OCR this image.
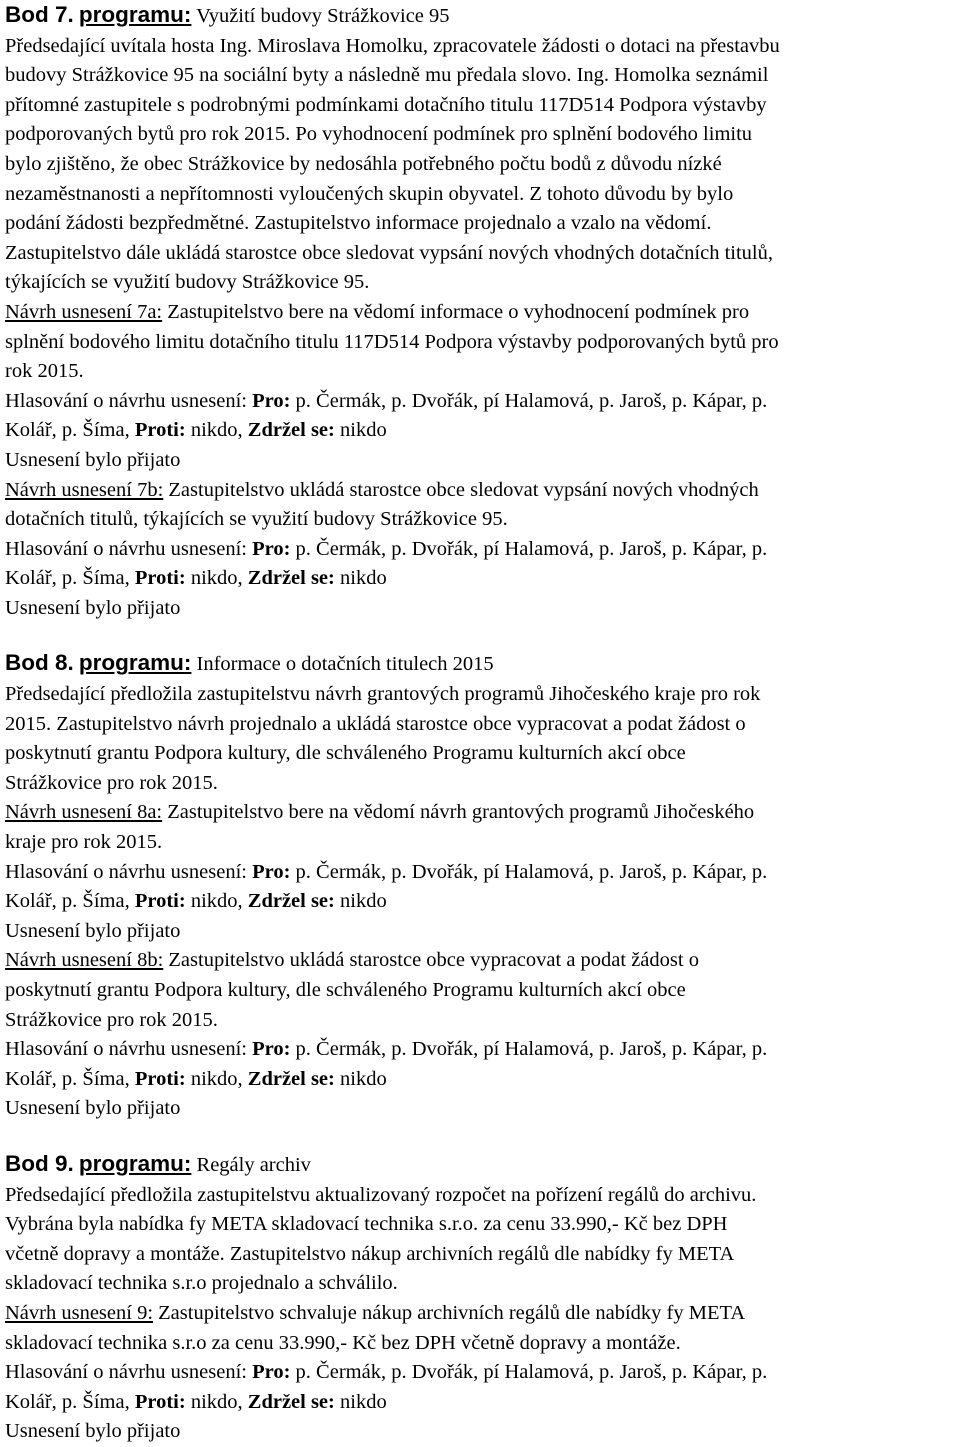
Bod 7. programu: Využití budovy Strážkovice 95
Předsedající uvítala hosta Ing. Miroslava Homolku, zpracovatele žádosti o dotaci na přestavbu
budovy Strážkovice 95 na sociální byty a následně mu předala slovo. Ing. Homolka seznámil
přítomné zastupitele s podrobnými podmínkami dotačního titulu 117D514 Podpora výstavby
podporovaných bytů pro rok 2015. Po vyhodnocení podmínek pro splnění bodového limitu
bylo zjištěno, že obec Strážkovice by nedosáhla potřebného počtu bodů z důvodu nízké
nezaměstnanosti a nepřítomnosti vyloučených skupin obyvatel. Z tohoto důvodu by bylo
podání žádosti bezpředmětné. Zastupitelstvo informace projednalo a vzalo na vědomí.
Zastupitelstvo dále ukládá starostce obce sledovat vypsání nových vhodných dotačních titulů,
týkajících se využití budovy Strážkovice 95.
Návrh usnesení 7a: Zastupitelstvo bere na vědomí informace o vyhodnocení podmínek pro
splnění bodového limitu dotačního titulu 117D514 Podpora výstavby podporovaných bytů pro
rok 2015.
Hlasování o návrhu usnesení: Pro: p. Čermák, p. Dvořák, pí Halamová, p. Jaroš, p. Kápar, p.
Kolář, p. Šíma, Proti: nikdo, Zdržel se: nikdo
Usnesení bylo přijato
Návrh usnesení 7b: Zastupitelstvo ukládá starostce obce sledovat vypsání nových vhodných
dotačních titulů, týkajících se využití budovy Strážkovice 95.
Hlasování o návrhu usnesení: Pro: p. Čermák, p. Dvořák, pí Halamová, p. Jaroš, p. Kápar, p.
Kolář, p. Šíma, Proti: nikdo, Zdržel se: nikdo
Usnesení bylo přijato
Bod 8. programu: Informace o dotačních titulech 2015
Předsedající předložila zastupitelstvu návrh grantových programů Jihočeského kraje pro rok
2015. Zastupitelstvo návrh projednalo a ukládá starostce obce vypracovat a podat žádost o
poskytnutí grantu Podpora kultury, dle schváleného Programu kulturních akcí obce
Strážkovice pro rok 2015.
Návrh usnesení 8a: Zastupitelstvo bere na vědomí návrh grantových programů Jihočeského
kraje pro rok 2015.
Hlasování o návrhu usnesení: Pro: p. Čermák, p. Dvořák, pí Halamová, p. Jaroš, p. Kápar, p.
Kolář, p. Šíma, Proti: nikdo, Zdržel se: nikdo
Usnesení bylo přijato
Návrh usnesení 8b: Zastupitelstvo ukládá starostce obce vypracovat a podat žádost o
poskytnutí grantu Podpora kultury, dle schváleného Programu kulturních akcí obce
Strážkovice pro rok 2015.
Hlasování o návrhu usnesení: Pro: p. Čermák, p. Dvořák, pí Halamová, p. Jaroš, p. Kápar, p.
Kolář, p. Šíma, Proti: nikdo, Zdržel se: nikdo
Usnesení bylo přijato
Bod 9. programu: Regály archiv
Předsedající předložila zastupitelstvu aktualizovaný rozpočet na pořízení regálů do archivu.
Vybrána byla nabídka fy META skladovací technika s.r.o. za cenu 33.990,- Kč bez DPH
včetně dopravy a montáže. Zastupitelstvo nákup archivních regálů dle nabídky fy META
skladovací technika s.r.o projednalo a schválilo.
Návrh usnesení 9: Zastupitelstvo schvaluje nákup archivních regálů dle nabídky fy META
skladovací technika s.r.o za cenu 33.990,- Kč bez DPH včetně dopravy a montáže.
Hlasování o návrhu usnesení: Pro: p. Čermák, p. Dvořák, pí Halamová, p. Jaroš, p. Kápar, p.
Kolář, p. Šíma, Proti: nikdo, Zdržel se: nikdo
Usnesení bylo přijato
